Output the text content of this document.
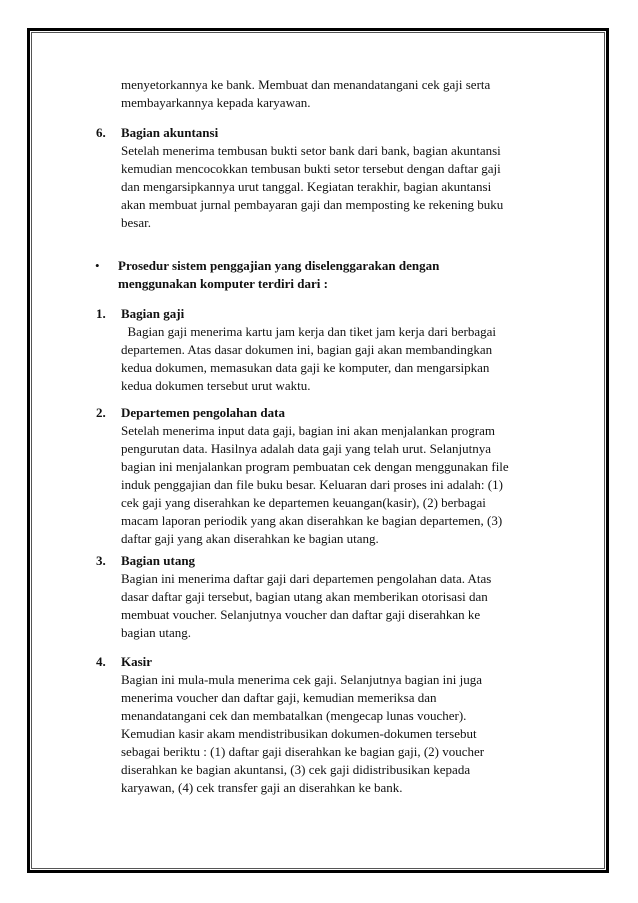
menyetorkannya ke bank. Membuat dan menandatangani cek gaji serta
membayarkannya kepada karyawan.
6. Bagian akuntansi
Setelah menerima tembusan bukti setor bank dari bank, bagian akuntansi
kemudian mencocokkan tembusan bukti setor tersebut dengan daftar gaji
dan mengarsipkannya urut tanggal. Kegiatan terakhir, bagian akuntansi
akan membuat jurnal pembayaran gaji dan memposting ke rekening buku
besar.
• Prosedur sistem penggajian yang diselenggarakan dengan
menggunakan komputer terdiri dari :
1. Bagian gaji
Bagian gaji menerima kartu jam kerja dan tiket jam kerja dari berbagai
departemen. Atas dasar dokumen ini, bagian gaji akan membandingkan
kedua dokumen, memasukan data gaji ke komputer, dan mengarsipkan
kedua dokumen tersebut urut waktu.
2. Departemen pengolahan data
Setelah menerima input data gaji, bagian ini akan menjalankan program
pengurutan data. Hasilnya adalah data gaji yang telah urut. Selanjutnya
bagian ini menjalankan program pembuatan cek dengan menggunakan file
induk penggajian dan file buku besar. Keluaran dari proses ini adalah: (1)
cek gaji yang diserahkan ke departemen keuangan(kasir), (2) berbagai
macam laporan periodik yang akan diserahkan ke bagian departemen, (3)
daftar gaji yang akan diserahkan ke bagian utang.
3. Bagian utang
Bagian ini menerima daftar gaji dari departemen pengolahan data. Atas
dasar daftar gaji tersebut, bagian utang akan memberikan otorisasi dan
membuat voucher. Selanjutnya voucher dan daftar gaji diserahkan ke
bagian utang.
4. Kasir
Bagian ini mula-mula menerima cek gaji. Selanjutnya bagian ini juga
menerima voucher dan daftar gaji, kemudian memeriksa dan
menandatangani cek dan membatalkan (mengecap lunas voucher).
Kemudian kasir akam mendistribusikan dokumen-dokumen tersebut
sebagai beriktu : (1) daftar gaji diserahkan ke bagian gaji, (2) voucher
diserahkan ke bagian akuntansi, (3) cek gaji didistribusikan kepada
karyawan, (4) cek transfer gaji an diserahkan ke bank.
